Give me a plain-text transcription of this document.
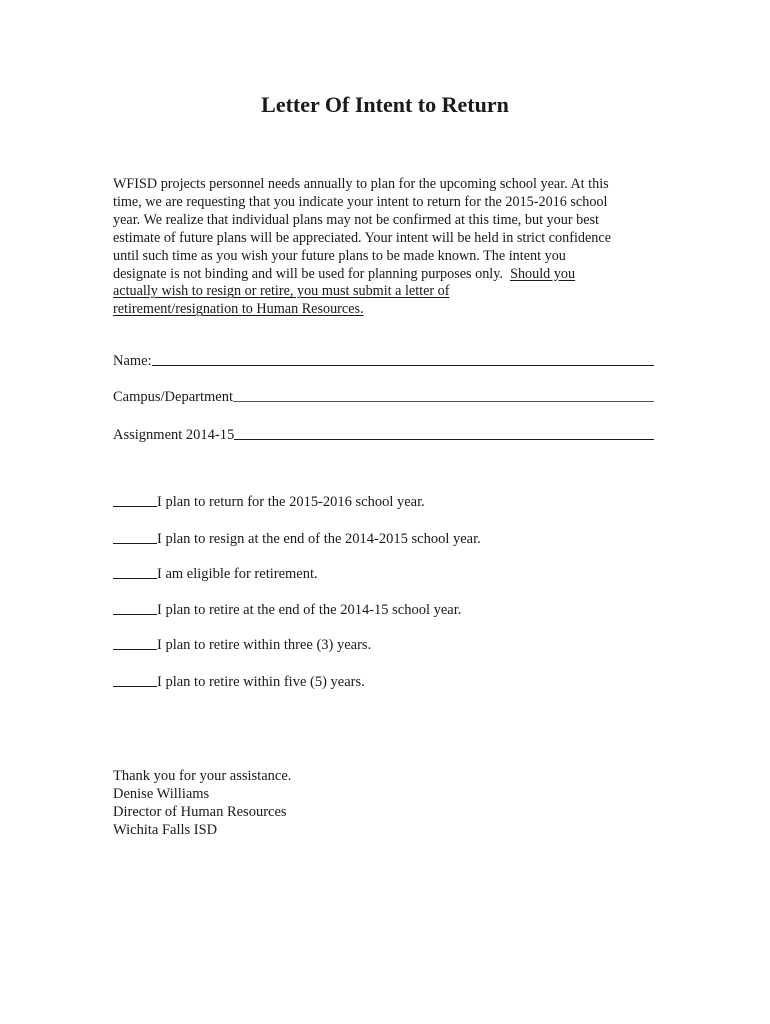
Letter Of Intent to Return

WFISD projects personnel needs annually to plan for the upcoming school year. At this

time, we are requesting that you indicate your intent to return for the 2015-2016 school

year. We realize that individual plans may not be confirmed at this time, but your best

estimate of future plans will be appreciated. Your intent will be held in strict confidence

until such time as you wish your future plans to be made known. The intent you

designate is not binding and will be used for planning purposes only. Should you

actually wish to resign or retire, you must submit a letter of

retirement/resignation to Human Resources.

Name:
Campus/Department
Assignment 2014-15
I plan to return for the 2015-2016 school year.
I plan to resign at the end of the 2014-2015 school year.
I am eligible for retirement.
I plan to retire at the end of the 2014-15 school year.
I plan to retire within three (3) years.
I plan to retire within five (5) years.
Thank you for your assistance.
Denise Williams
Director of Human Resources
Wichita Falls ISD
